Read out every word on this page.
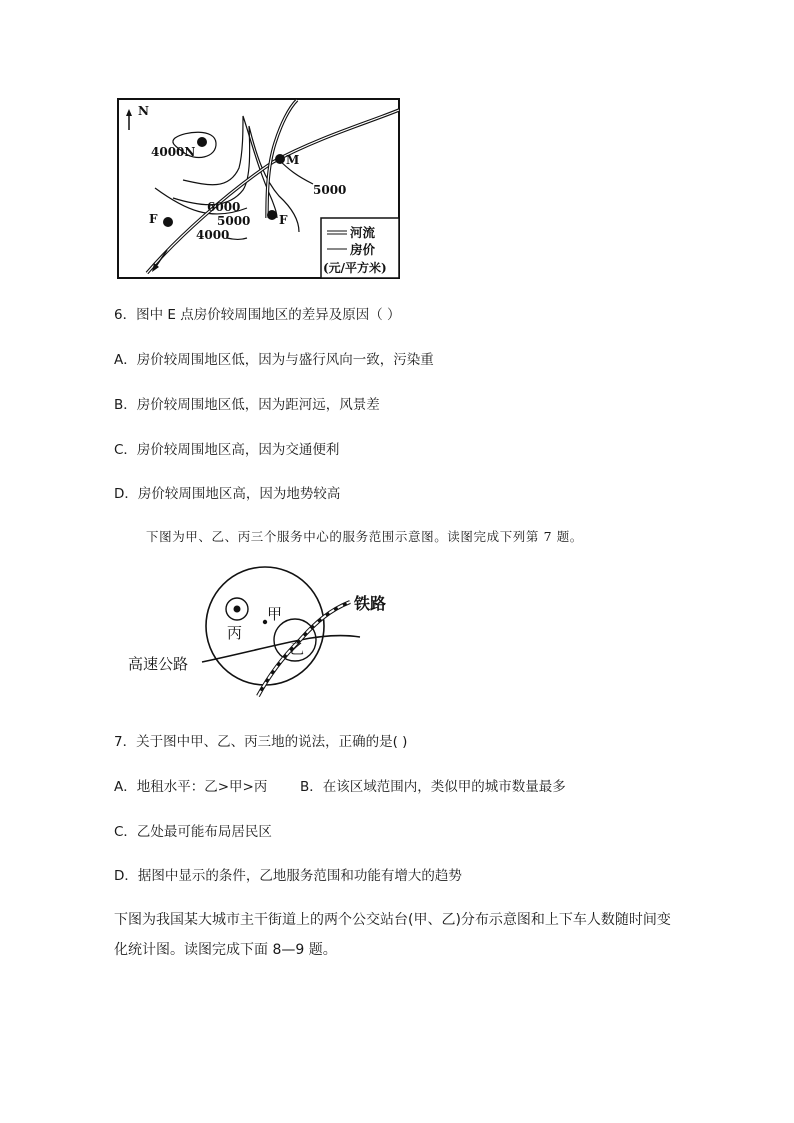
N
4000N
M
5000
6000
5000
4000
F	F
河流
房价
(元/平方米)
6．图中 E 点房价较周围地区的差异及原因（ ）
A．房价较周围地区低，因为与盛行风向一致，污染重
B．房价较周围地区低，因为距河远，风景差
C．房价较周围地区高，因为交通便利
D．房价较周围地区高，因为地势较高
下图为甲、乙、丙三个服务中心的服务范围示意图。读图完成下列第 7 题。
铁路
高速公路
甲
丙
乙
7．关于图中甲、乙、丙三地的说法，正确的是( )
A．地租水平：乙>甲>丙 B．在该区域范围内，类似甲的城市数量最多
C．乙处最可能布局居民区
D．据图中显示的条件，乙地服务范围和功能有增大的趋势
下图为我国某大城市主干街道上的两个公交站台(甲、乙)分布示意图和上下车人数随时间变
化统计图。读图完成下面 8—9 题。
